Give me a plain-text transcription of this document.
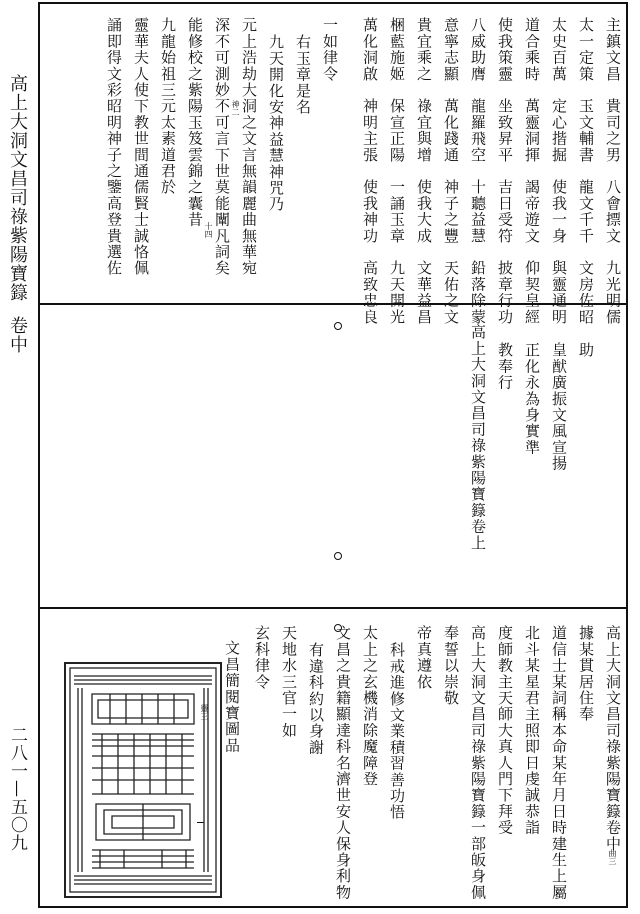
高上大洞文昌司祿紫陽寶籙
卷中
二八一—五〇九
主鎮文昌　貴司之男　八會摽文　九光明儒
太一定策　玉文輔書　龍文千千　文房佐昭
太史百萬　定心揩掘　使我一身　與靈通明
道合乘時　萬靈洞揮　謁帝遊文　仰契皇經
使我策靈　坐致昇平　吉日受符　披章行功
八威助膺　龍羅飛空　十聽益慧　鉛落除蒙
意寧志顯　萬化踐通　神子之豐　天佑之文
貴宜乘之　祿宜與增　使我大成　文華益昌
梱藍施姬　保宣正陽　一誦玉章　九天開光
萬化洞啟　神明主張　使我神功　高致忠良
一如律令
右玉章是名
九天開化安神益慧神咒乃
元上浩劫大洞之文言無韻麗曲無華宛
深不可測妙不可言下世莫能闡凡詞矣
能修校之紫陽玉笈雲錦之囊昔
九龍始祖三元太素道君於
靈華夫人使下教世間通儒賢士誠恪佩
誦即得文彩昭明神子之鑒高登貴選佐	神二
十四
助
皇猷廣振文風宣揚
正化永為身實準
教奉行
高上大洞文昌司祿紫陽寶籙卷上
高上大洞文昌司祿紫陽寶籙卷中
曲三
據某貫居住奉
道信士某詞稱本命某年月日時建生上屬
北斗某星君主照即日虔誠恭詣
度師教主天師大真人門下拜受
高上大洞文昌司祿紫陽寶籙一部皈身佩
奉誓以崇敬
帝真遵依
科戒進修文業積習善功悟
太上之玄機消除魔障登
文昌之貴籍顯達科名濟世安人保身利物
有違科約以身謝
天地水三官一如
玄科律令
文昌簡閱寶圖品
靈三
